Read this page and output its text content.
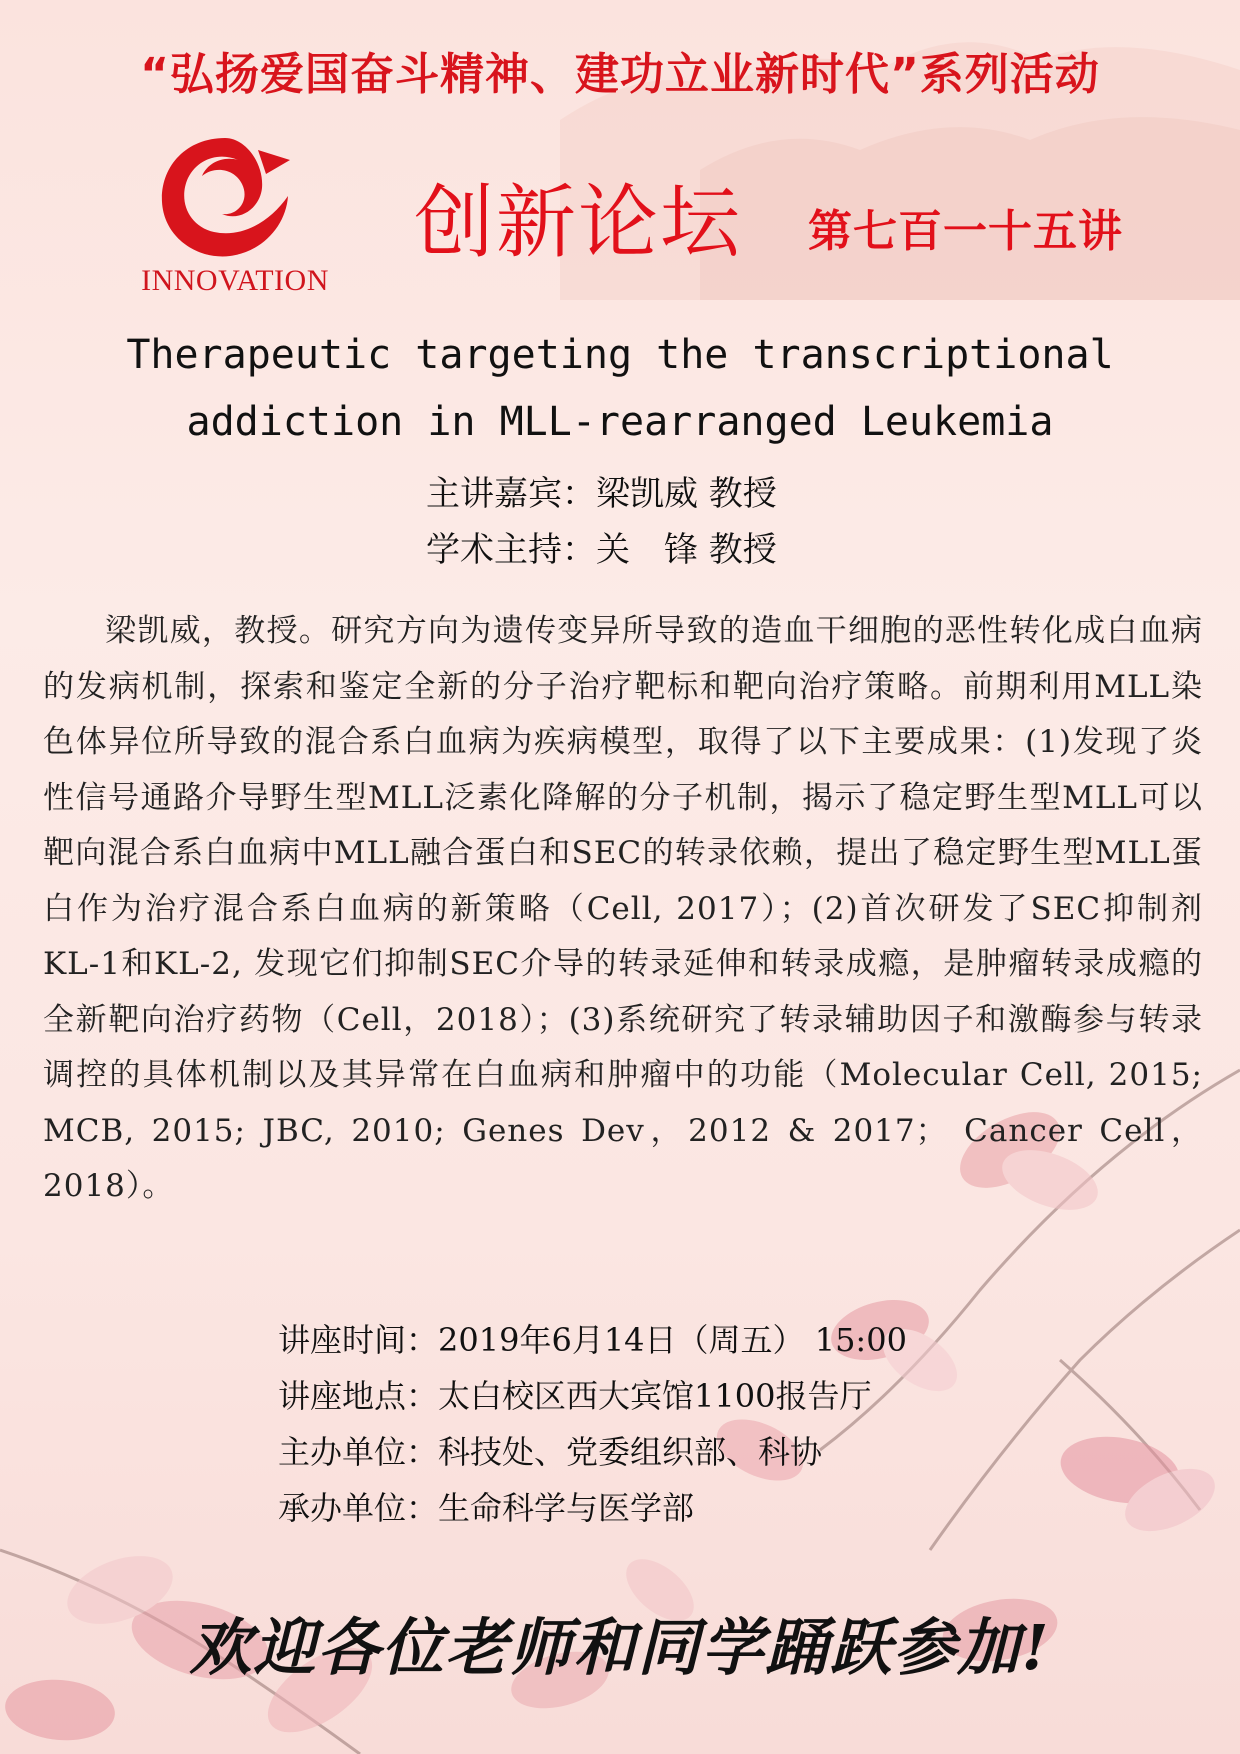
“弘扬爱国奋斗精神、建功立业新时代”系列活动
INNOVATION
创新论坛 第七百一十五讲
Therapeutic targeting the transcriptional
addiction in MLL-rearranged Leukemia
主讲嘉宾：梁凯威 教授
学术主持：关　锋 教授
梁凯威，教授。研究方向为遗传变异所导致的造血干细胞的恶性转化成白血病的发病机制，探索和鉴定全新的分子治疗靶标和靶向治疗策略。前期利用MLL染色体异位所导致的混合系白血病为疾病模型，取得了以下主要成果：(1)发现了炎性信号通路介导野生型MLL泛素化降解的分子机制，揭示了稳定野生型MLL可以靶向混合系白血病中MLL融合蛋白和SEC的转录依赖，提出了稳定野生型MLL蛋白作为治疗混合系白血病的新策略（Cell, 2017）；(2)首次研发了SEC抑制剂KL-1和KL-2, 发现它们抑制SEC介导的转录延伸和转录成瘾，是肿瘤转录成瘾的全新靶向治疗药物（Cell，2018）；(3)系统研究了转录辅助因子和激酶参与转录调控的具体机制以及其异常在白血病和肿瘤中的功能（Molecular Cell, 2015; MCB, 2015; JBC, 2010; Genes Dev，2012 & 2017； Cancer Cell，2018）。
讲座时间：2019年6月14日（周五） 15:00
讲座地点：太白校区西大宾馆1100报告厅
主办单位：科技处、党委组织部、科协
承办单位：生命科学与医学部
欢迎各位老师和同学踊跃参加!
